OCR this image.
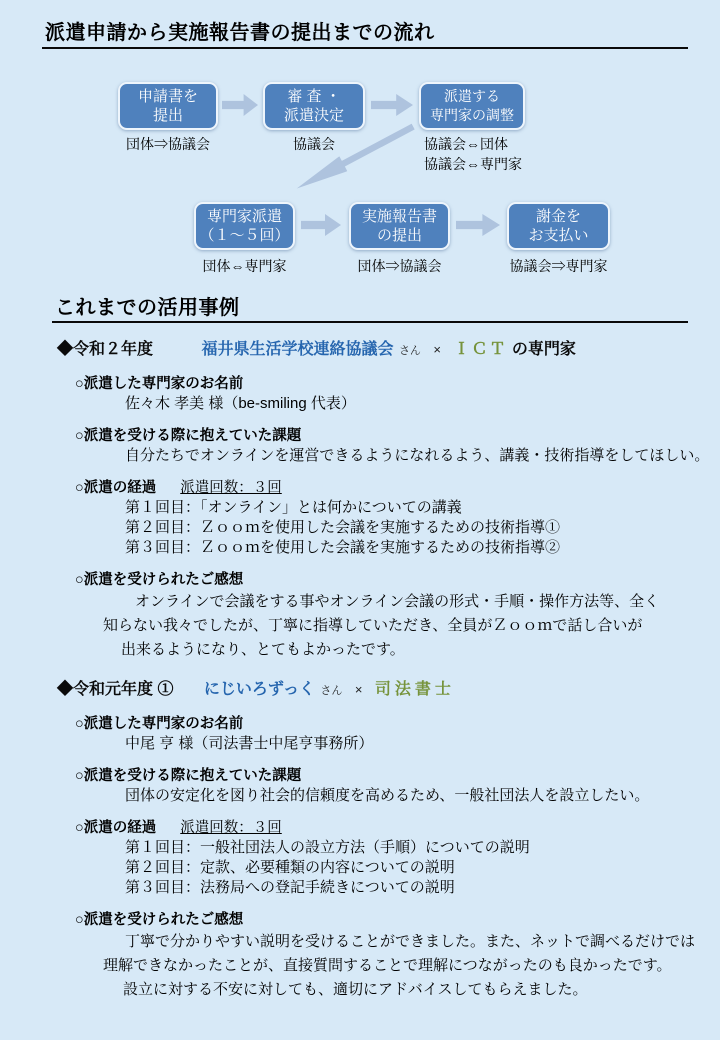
派遣申請から実施報告書の提出までの流れ
申請書を
提出
審 査 ・
派遣決定
派遣する
専門家の調整
団体⇒協議会	協議会	協議会⇔団体
協議会⇔専門家
専門家派遣
（１～５回）
実施報告書
の提出
謝金を
お支払い
団体⇔専門家	団体⇒協議会	協議会⇒専門家
これまでの活用事例
◆令和２年度	福井県生活学校連絡協議会 さん × ＩＣＴ の専門家
○派遣した専門家のお名前
佐々木 孝美 様（be-smiling 代表）
○派遣を受ける際に抱えていた課題
自分たちでオンラインを運営できるようになれるよう、講義・技術指導をしてほしい。
○派遣の経過 派遣回数：３回
第１回目：「オンライン」とは何かについての講義
第２回目：Ｚｏｏｍを使用した会議を実施するための技術指導①
第３回目：Ｚｏｏｍを使用した会議を実施するための技術指導②
○派遣を受けられたご感想
オンラインで会議をする事やオンライン会議の形式・手順・操作方法等、全く
知らない我々でしたが、丁寧に指導していただき、全員がＺｏｏｍで話し合いが
出来るようになり、とてもよかったです。
◆令和元年度 ① にじいろずっく さん × 司法書士
○派遣した専門家のお名前
中尾 亨 様（司法書士中尾亨事務所）
○派遣を受ける際に抱えていた課題
団体の安定化を図り社会的信頼度を高めるため、一般社団法人を設立したい。
○派遣の経過 派遣回数：３回
第１回目：一般社団法人の設立方法（手順）についての説明
第２回目：定款、必要種類の内容についての説明
第３回目：法務局への登記手続きについての説明
○派遣を受けられたご感想
丁寧で分かりやすい説明を受けることができました。また、ネットで調べるだけでは
理解できなかったことが、直接質問することで理解につながったのも良かったです。
設立に対する不安に対しても、適切にアドバイスしてもらえました。
